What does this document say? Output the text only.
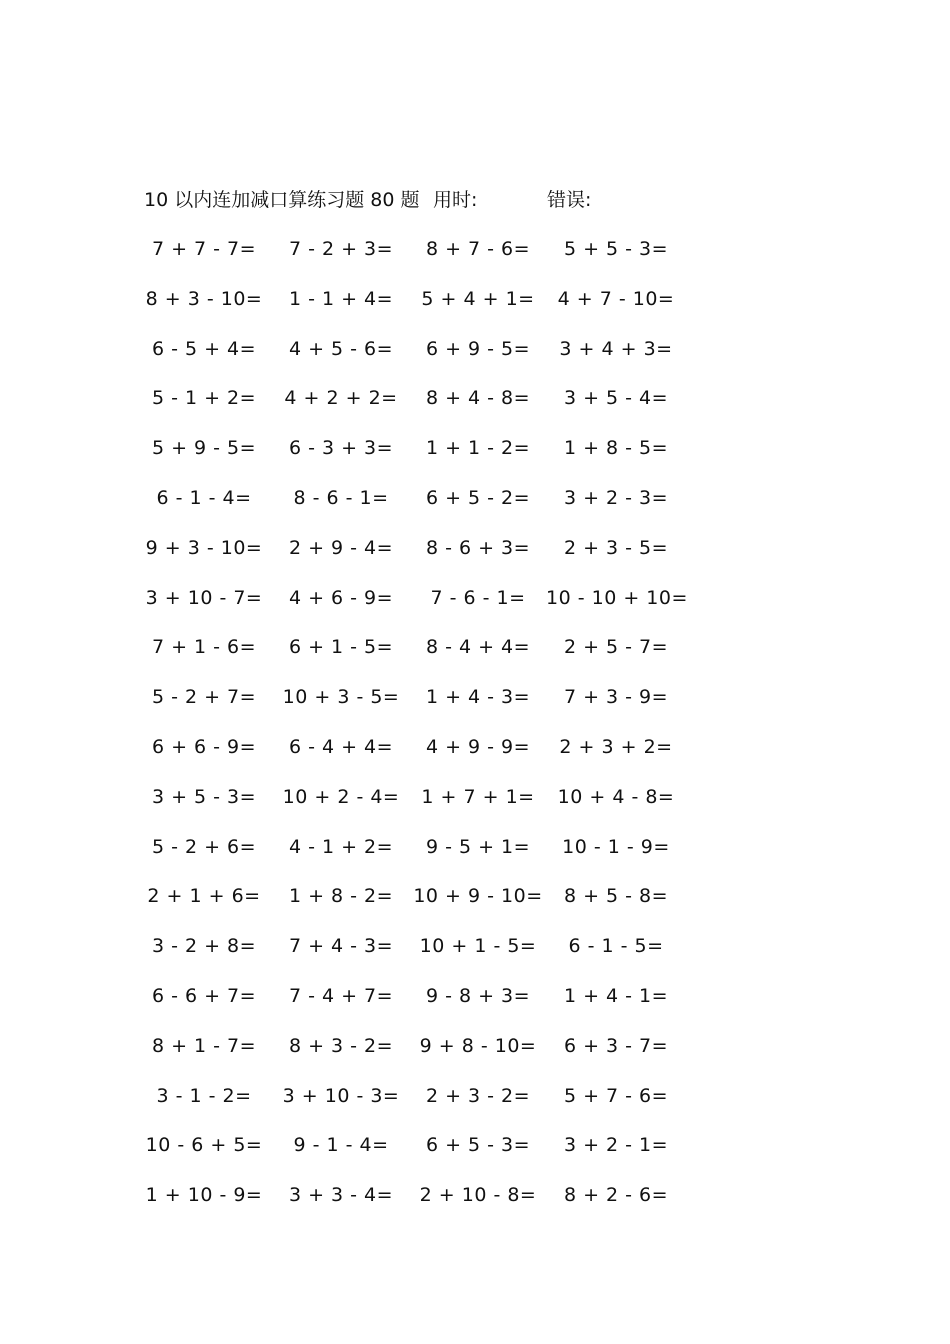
10 以内连加减口算练习题 80 题 用时:	错误:
7 + 7 - 7=	7 - 2 + 3=	8 + 7 - 6=	5 + 5 - 3=
8 + 3 - 10=	1 - 1 + 4=	5 + 4 + 1=	4 + 7 - 10=
6 - 5 + 4=	4 + 5 - 6=	6 + 9 - 5=	3 + 4 + 3=
5 - 1 + 2=	4 + 2 + 2=	8 + 4 - 8=	3 + 5 - 4=
5 + 9 - 5=	6 - 3 + 3=	1 + 1 - 2=	1 + 8 - 5=
6 - 1 - 4=	8 - 6 - 1=	6 + 5 - 2=	3 + 2 - 3=
9 + 3 - 10=	2 + 9 - 4=	8 - 6 + 3=	2 + 3 - 5=
3 + 10 - 7=	4 + 6 - 9=	7 - 6 - 1=	10 - 10 + 10=
7 + 1 - 6=	6 + 1 - 5=	8 - 4 + 4=	2 + 5 - 7=
5 - 2 + 7=	10 + 3 - 5=	1 + 4 - 3=	7 + 3 - 9=
6 + 6 - 9=	6 - 4 + 4=	4 + 9 - 9=	2 + 3 + 2=
3 + 5 - 3=	10 + 2 - 4=	1 + 7 + 1=	10 + 4 - 8=
5 - 2 + 6=	4 - 1 + 2=	9 - 5 + 1=	10 - 1 - 9=
2 + 1 + 6=	1 + 8 - 2=	10 + 9 - 10=	8 + 5 - 8=
3 - 2 + 8=	7 + 4 - 3=	10 + 1 - 5=	6 - 1 - 5=
6 - 6 + 7=	7 - 4 + 7=	9 - 8 + 3=	1 + 4 - 1=
8 + 1 - 7=	8 + 3 - 2=	9 + 8 - 10=	6 + 3 - 7=
3 - 1 - 2=	3 + 10 - 3=	2 + 3 - 2=	5 + 7 - 6=
10 - 6 + 5=	9 - 1 - 4=	6 + 5 - 3=	3 + 2 - 1=
1 + 10 - 9=	3 + 3 - 4=	2 + 10 - 8=	8 + 2 - 6=
